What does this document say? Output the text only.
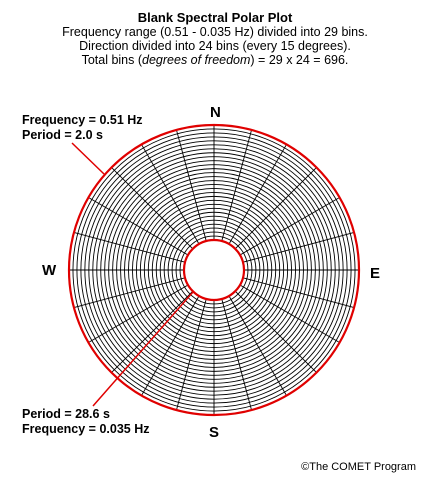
Blank Spectral Polar Plot
Frequency range (0.51 - 0.035 Hz) divided into 29 bins.
Direction divided into 24 bins (every 15 degrees).
Total bins (degrees of freedom) = 29 x 24 = 696.
Frequency = 0.51 Hz
Period = 2.0 s
Period = 28.6 s
Frequency = 0.035 Hz
N
E
S
W
©The COMET Program
